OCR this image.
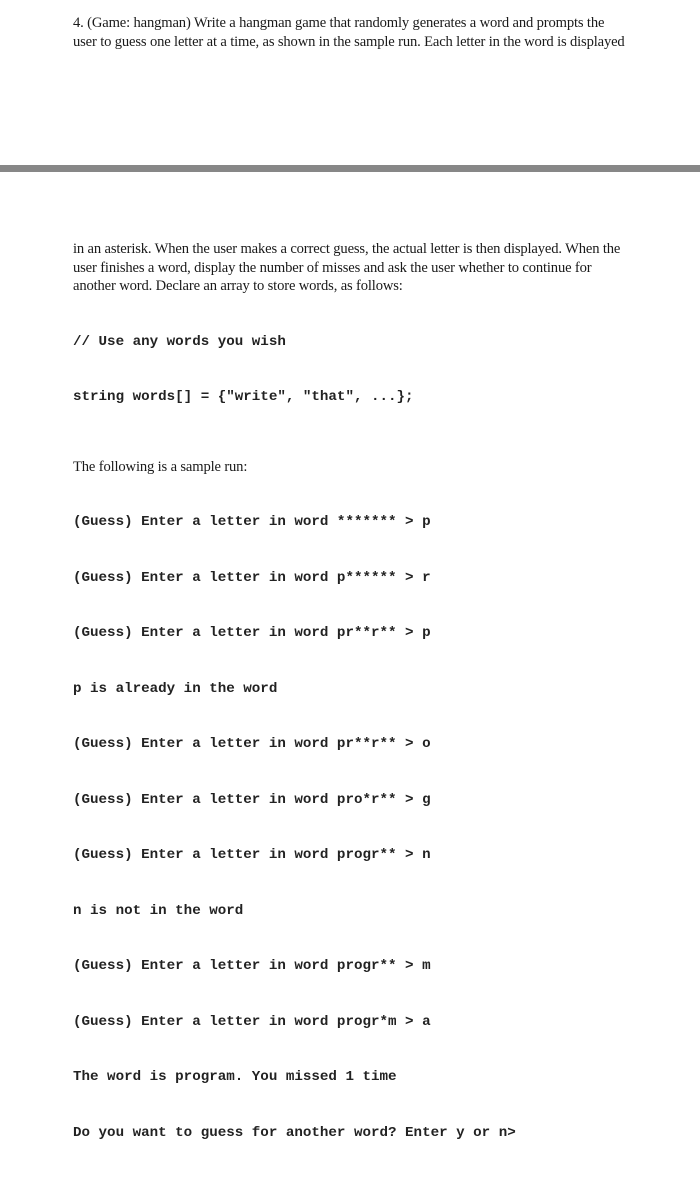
4. (Game: hangman) Write a hangman game that randomly generates a word and prompts the
user to guess one letter at a time, as shown in the sample run. Each letter in the word is displayed
in an asterisk. When the user makes a correct guess, the actual letter is then displayed. When the
user finishes a word, display the number of misses and ask the user whether to continue for
another word. Declare an array to store words, as follows:

// Use any words you wish

string words[] = {"write", "that", ...};

The following is a sample run:

(Guess) Enter a letter in word ******* > p

(Guess) Enter a letter in word p****** > r

(Guess) Enter a letter in word pr**r** > p

p is already in the word

(Guess) Enter a letter in word pr**r** > o

(Guess) Enter a letter in word pro*r** > g

(Guess) Enter a letter in word progr** > n

n is not in the word

(Guess) Enter a letter in word progr** > m

(Guess) Enter a letter in word progr*m > a

The word is program. You missed 1 time

Do you want to guess for another word? Enter y or n>
